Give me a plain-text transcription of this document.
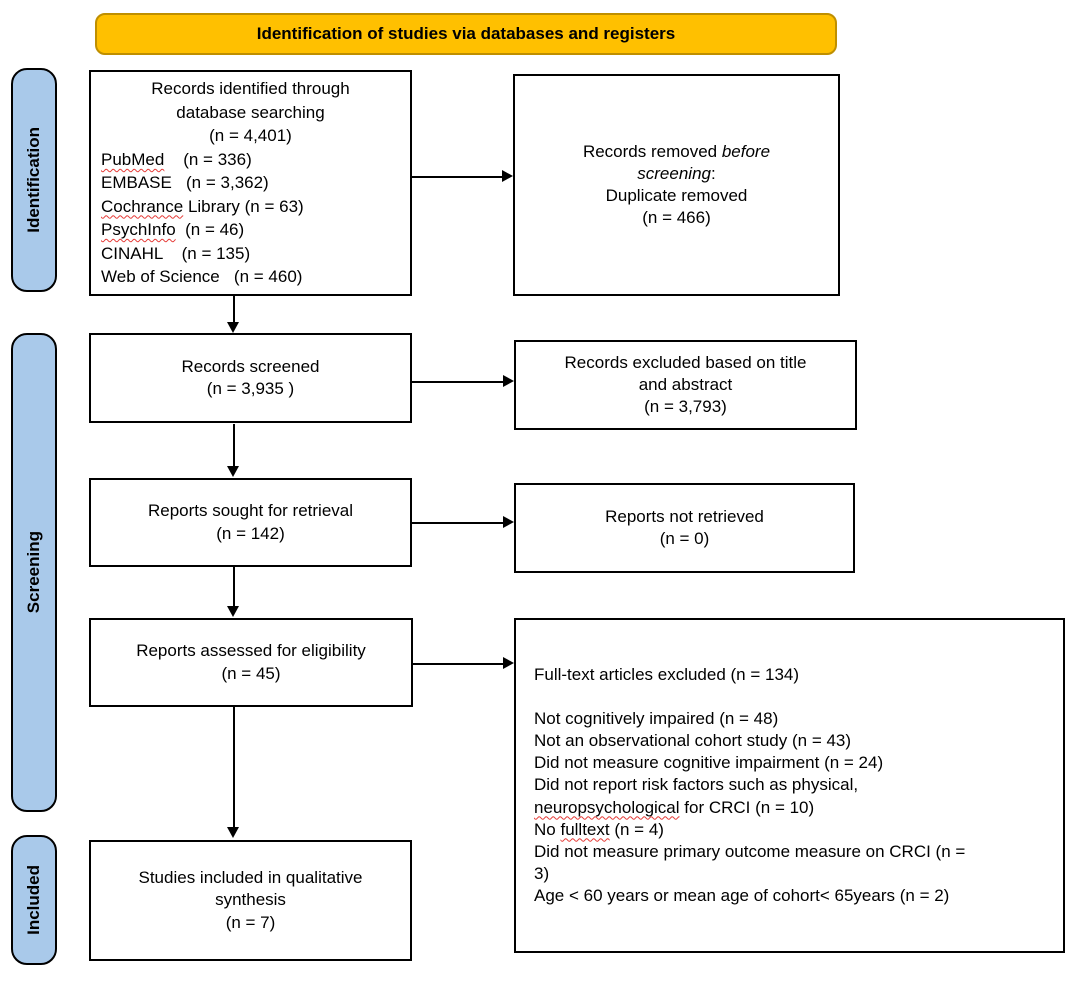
Identification of studies via databases and registers
Identification
Screening
Included
Records identified through
database searching
(n = 4,401)
PubMed    (n = 336)
EMBASE   (n = 3,362)
Cochrance Library (n = 63)
PsychInfo  (n = 46)
CINAHL    (n = 135)
Web of Science   (n = 460)
Records removed before
screening:
Duplicate removed
(n = 466)
Records screened
(n = 3,935 )
Records excluded based on title
and abstract
(n = 3,793)
Reports sought for retrieval
(n = 142)
Reports not retrieved
(n = 0)
Reports assessed for eligibility
(n = 45)	Full-text articles excluded (n = 134)

Not cognitively impaired (n = 48)
Not an observational cohort study (n = 43)
Did not measure cognitive impairment (n = 24)
Did not report risk factors such as physical,
neuropsychological for CRCI (n = 10)
No fulltext (n = 4)
Did not measure primary outcome measure on CRCI (n =
3)
Age < 60 years or mean age of cohort< 65years (n = 2)
Studies included in qualitative
synthesis
(n = 7)
